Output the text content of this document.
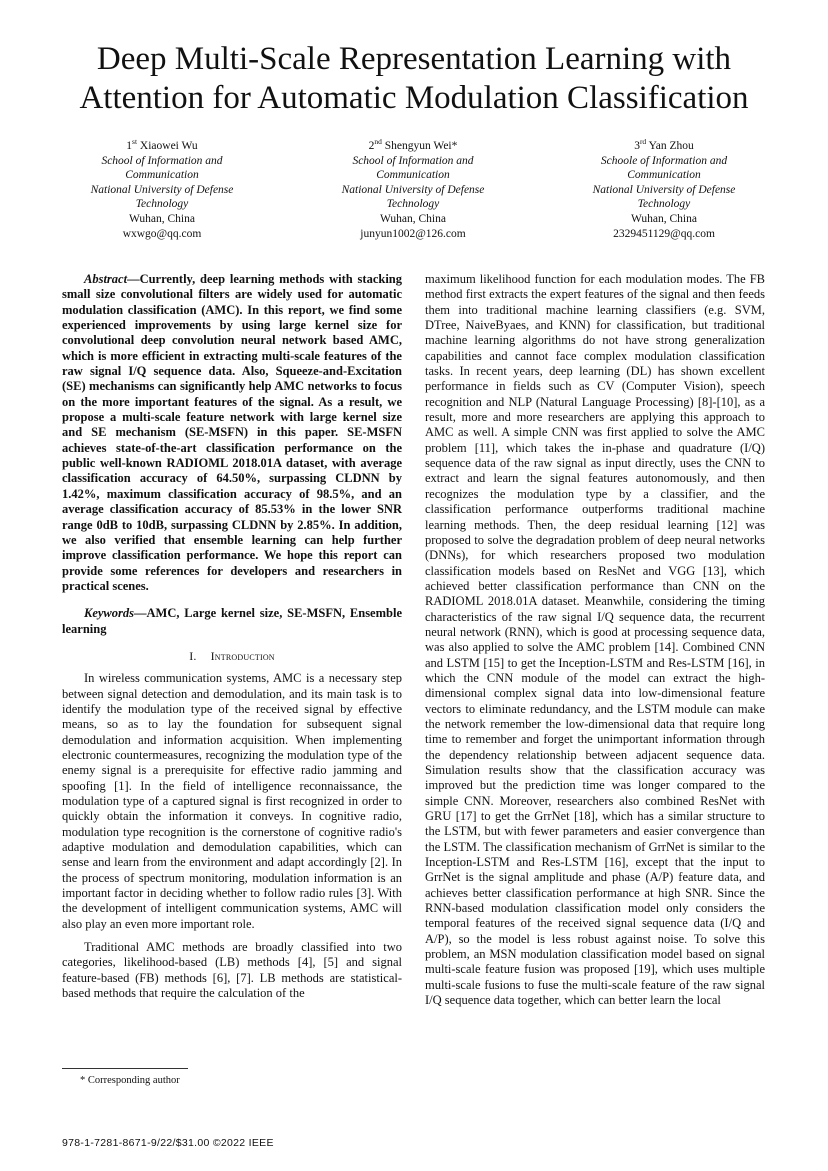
Deep Multi-Scale Representation Learning with
Attention for Automatic Modulation Classification
1st Xiaowei Wu
School of Information and
Communication
National University of Defense
Technology
Wuhan, China
wxwgo@qq.com
2nd Shengyun Wei*
School of Information and
Communication
National University of Defense
Technology
Wuhan, China
junyun1002@126.com
3rd Yan Zhou
Schoole of Information and
Communication
National University of Defense
Technology
Wuhan, China
2329451129@qq.com

Abstract—Currently, deep learning methods with stacking small size convolutional filters are widely used for automatic modulation classification (AMC). In this report, we find some experienced improvements by using large kernel size for convolutional deep convolution neural network based AMC, which is more efficient in extracting multi-scale features of the raw signal I/Q sequence data. Also, Squeeze-and-Excitation (SE) mechanisms can significantly help AMC networks to focus on the more important features of the signal. As a result, we propose a multi-scale feature network with large kernel size and SE mechanism (SE-MSFN) in this paper. SE-MSFN achieves state-of-the-art classification performance on the public well-known RADIOML 2018.01A dataset, with average classification accuracy of 64.50%, surpassing CLDNN by 1.42%, maximum classification accuracy of 98.5%, and an average classification accuracy of 85.53% in the lower SNR range 0dB to 10dB, surpassing CLDNN by 2.85%. In addition, we also verified that ensemble learning can help further improve classification performance. We hope this report can provide some references for developers and researchers in practical scenes.

Keywords—AMC, Large kernel size, SE-MSFN, Ensemble learning

I. Introduction

In wireless communication systems, AMC is a necessary step between signal detection and demodulation, and its main task is to identify the modulation type of the received signal by effective means, so as to lay the foundation for subsequent signal demodulation and information acquisition. When implementing electronic countermeasures, recognizing the modulation type of the enemy signal is a prerequisite for effective radio jamming and spoofing [1]. In the field of intelligence reconnaissance, the modulation type of a captured signal is first recognized in order to quickly obtain the information it conveys. In cognitive radio, modulation type recognition is the cornerstone of cognitive radio's adaptive modulation and demodulation capabilities, which can sense and learn from the environment and adapt accordingly [2]. In the process of spectrum monitoring, modulation information is an important factor in deciding whether to follow radio rules [3]. With the development of intelligent communication systems, AMC will also play an even more important role.

Traditional AMC methods are broadly classified into two categories, likelihood-based (LB) methods [4], [5] and signal feature-based (FB) methods [6], [7]. LB methods are statistical-based methods that require the calculation of the

maximum likelihood function for each modulation modes. The FB method first extracts the expert features of the signal and then feeds them into traditional machine learning classifiers (e.g. SVM, DTree, NaiveByaes, and KNN) for classification, but traditional machine learning algorithms do not have strong generalization capabilities and cannot face complex modulation classification tasks. In recent years, deep learning (DL) has shown excellent performance in fields such as CV (Computer Vision), speech recognition and NLP (Natural Language Processing) [8]-[10], as a result, more and more researchers are applying this approach to AMC as well. A simple CNN was first applied to solve the AMC problem [11], which takes the in-phase and quadrature (I/Q) sequence data of the raw signal as input directly, uses the CNN to extract and learn the signal features autonomously, and then recognizes the modulation type by a classifier, and the classification performance outperforms traditional machine learning methods. Then, the deep residual learning [12] was proposed to solve the degradation problem of deep neural networks (DNNs), for which researchers proposed two modulation classification models based on ResNet and VGG [13], which achieved better classification performance than CNN on the RADIOML 2018.01A dataset. Meanwhile, considering the timing characteristics of the raw signal I/Q sequence data, the recurrent neural network (RNN), which is good at processing sequence data, was also applied to solve the AMC problem [14]. Combined CNN and LSTM [15] to get the Inception-LSTM and Res-LSTM [16], in which the CNN module of the model can extract the high-dimensional complex signal data into low-dimensional feature vectors to eliminate redundancy, and the LSTM module can make the network remember the low-dimensional data that require long time to remember and forget the unimportant information through the dependency relationship between adjacent sequence data. Simulation results show that the classification accuracy was improved but the prediction time was longer compared to the simple CNN. Moreover, researchers also combined ResNet with GRU [17] to get the GrrNet [18], which has a similar structure to the LSTM, but with fewer parameters and easier convergence than the LSTM. The classification mechanism of GrrNet is similar to the Inception-LSTM and Res-LSTM [16], except that the input to GrrNet is the signal amplitude and phase (A/P) feature data, and achieves better classification performance at high SNR. Since the RNN-based modulation classification model only considers the temporal features of the received signal sequence data (I/Q and A/P), so the model is less robust against noise. To solve this problem, an MSN modulation classification model based on signal multi-scale feature fusion was proposed [19], which uses multiple multi-scale fusions to fuse the multi-scale feature of the raw signal I/Q sequence data together, which can better learn the local

* Corresponding author
978-1-7281-8671-9/22/$31.00 ©2022 IEEE
